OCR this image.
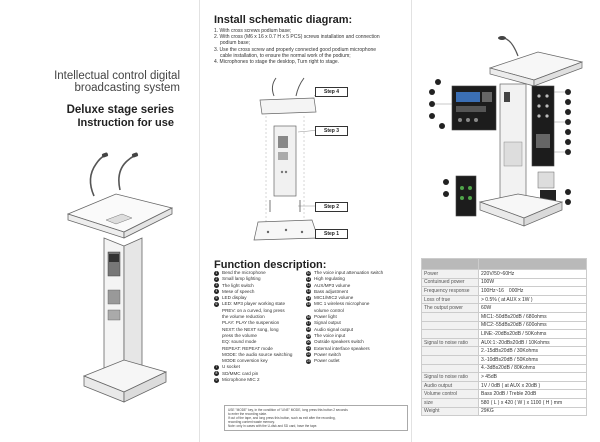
Intellectual control digital broadcasting system
Deluxe stage series
Instruction for use
Install schematic diagram:
1. With cross screws podium base;
2. With cross (M6 x 16 x 0.7 H x 5 PCS) screws installation and connection
podium base;
3. Use the cross screw and properly connected good podium microphone
cable installation, to ensure the normal work of the podium;
4. Microphones to stage the desktop, Turn right to stage.
Step 4
Step 3
Step 2
Step 1
Function description:
1 Bend the microphone
2 Small lamp lighting
3 The light switch
4 Mese of speech
5 LED display
6 LED: MP3 player working state
PREV: on a curved, long press
the volume reduction
PLAY: PLAY the suspension
NEXT: the NEXT song, long
press the volume
EQ: sound mode
REPEAT: REPEAT mode
MODE: the audio source switching
MODE conversion key
7 U socket
8 SD/MMC card pin
9 Microphone MIC 2
10 The voice input attenuation switch
11 High regulating
12 AUX/MP3 volume
13 Bass adjustment
14 MIC1/MIC2 volume
15 MIC 1 wireless microphone
volume control
16 Power light
17 Signal output
18 Audio signal output
19 The voice input
20 Outside speakers switch
21 External interface speakers
22 Power switch
23 Power outlet
USE "MODE" key, in the condition of "LINE" MODE, long press this button 2 seconds
to enter the recording state.
If out of the tape, and long press this button, such as exit after the recording,
recording content waste memory.
Note: only in cases with the U-disk and SD card, have the tape.

Power	220V/50~60Hz
Contuinued power	100W
Frequency response	100Hz~16　000Hz
Loss of true	> 0.5% ( at AUX x 1W )
The output power	60W
	MIC1:-50dBs20dB / 680ohms
	MIC2:-55dBs20dB / 600ohms
	LINE:-20dBs20dB / 50Kohms
Signal to noise ratio	AUX:1:-20dBs20dB / 10Kohms
	2.-15dBs20dB / 30Kohms
	3.-10dBs20dB / 50Kohms
	4.-3dBs20dB / 80Kohms
Signal to noise ratio	> 45dB
Audio output	1V / 0dB ( at AUX x 20dB )
Volume control	Bass 20dB / Treble 20dB
size	580 ( L ) x 420 ( W ) x 1100 ( H ) mm
Weight	29KG
